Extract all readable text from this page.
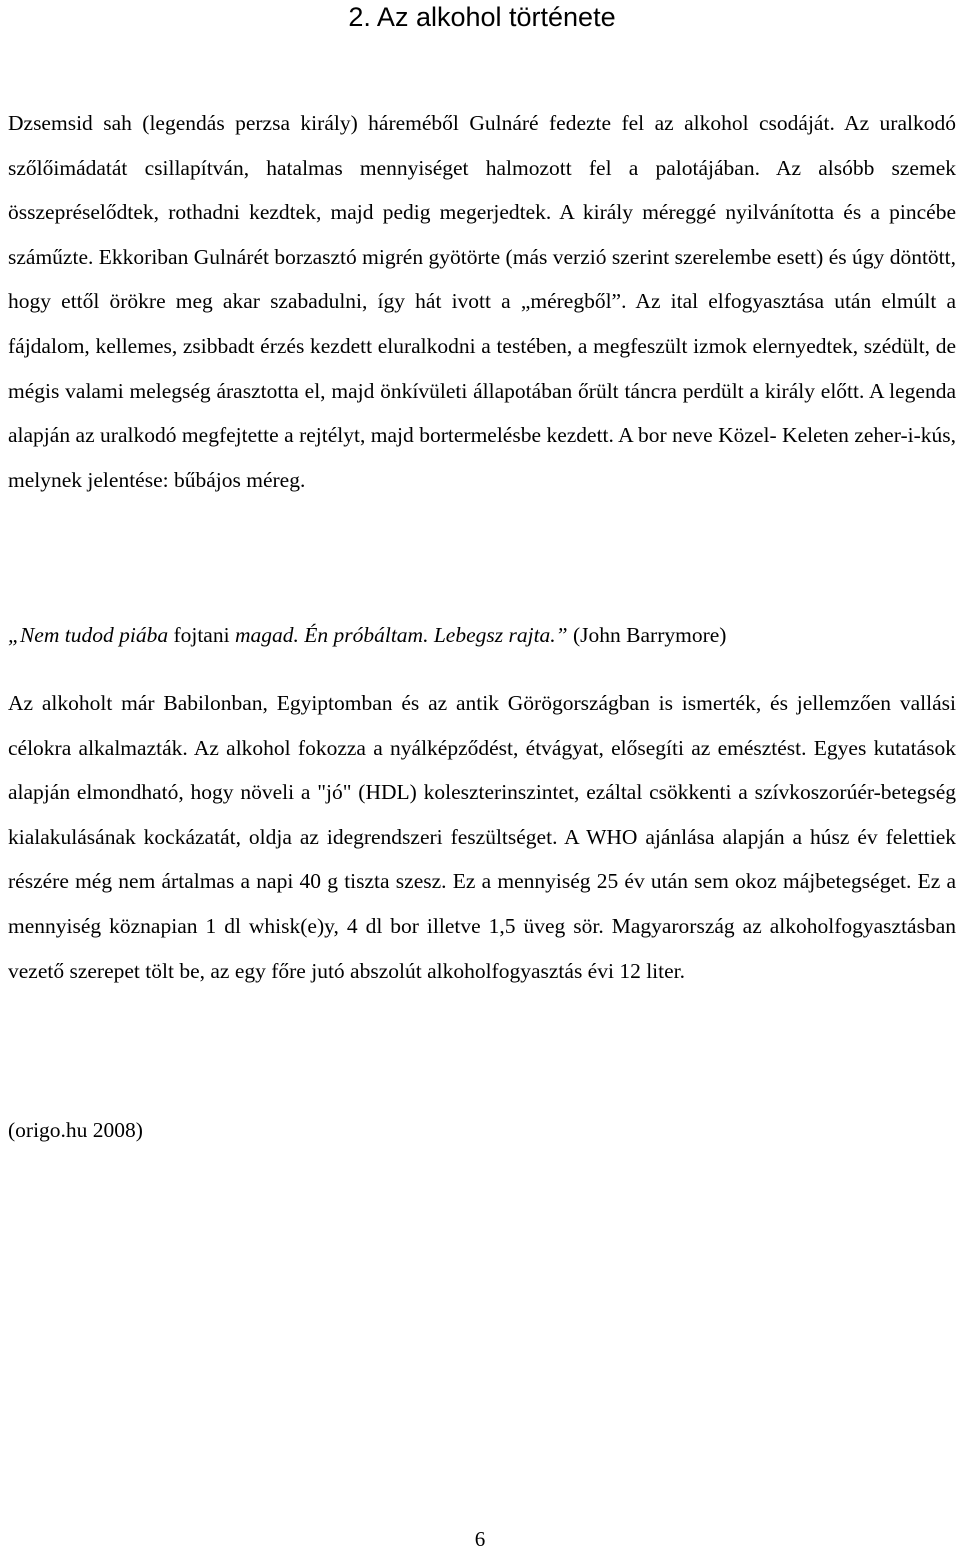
2. Az alkohol története

Dzsemsid sah (legendás perzsa király) háreméből Gulnáré fedezte fel az alkohol csodáját. Az uralkodó szőlőimádatát csillapítván, hatalmas mennyiséget halmozott fel a palotájában. Az alsóbb szemek összepréselődtek, rothadni kezdtek, majd pedig megerjedtek. A király méreggé nyilvánította és a pincébe száműzte. Ekkoriban Gulnárét borzasztó migrén gyötörte (más verzió szerint szerelembe esett) és úgy döntött, hogy ettől örökre meg akar szabadulni, így hát ivott a „méregből”. Az ital elfogyasztása után elmúlt a fájdalom, kellemes, zsibbadt érzés kezdett eluralkodni a testében, a megfeszült izmok elernyedtek, szédült, de mégis valami melegség árasztotta el, majd önkívületi állapotában őrült táncra perdült a király előtt. A legenda alapján az uralkodó megfejtette a rejtélyt, majd bortermelésbe kezdett. A bor neve Közel- Keleten zeher-i-kús, melynek jelentése: bűbájos méreg.

„Nem tudod piába fojtani magad. Én próbáltam. Lebegsz rajta.” (John Barrymore)

Az alkoholt már Babilonban, Egyiptomban és az antik Görögországban is ismerték, és jellemzően vallási célokra alkalmazták. Az alkohol fokozza a nyálképződést, étvágyat, elősegíti az emésztést. Egyes kutatások alapján elmondható, hogy növeli a "jó" (HDL) koleszterinszintet, ezáltal csökkenti a szívkoszorúér-betegség kialakulásának kockázatát, oldja az idegrendszeri feszültséget. A WHO ajánlása alapján a húsz év felettiek részére még nem ártalmas a napi 40 g tiszta szesz. Ez a mennyiség 25 év után sem okoz májbetegséget. Ez a mennyiség köznapian 1 dl whisk(e)y, 4 dl bor illetve 1,5 üveg sör. Magyarország az alkoholfogyasztásban vezető szerepet tölt be, az egy főre jutó abszolút alkoholfogyasztás évi 12 liter.

(origo.hu 2008)

6
